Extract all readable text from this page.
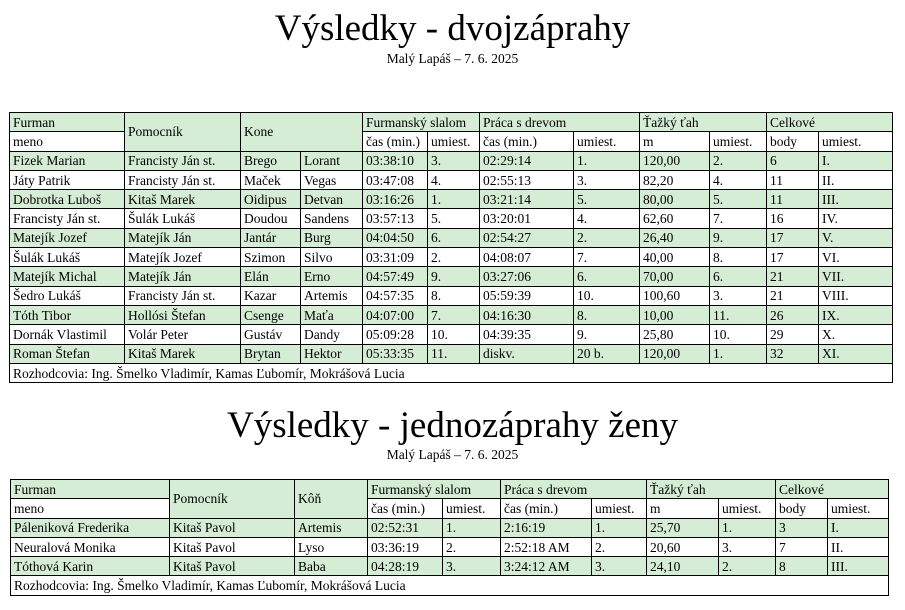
Výsledky - dvojzáprahy
Malý Lapáš – 7. 6. 2025
Furman	Pomocník	Kone		Furmanský slalom		Práca s drevom		Ťažký ťah		Celkové	
meno				čas (min.)	umiest.	čas (min.)	umiest.	m	umiest.	body	umiest.
Fizek Marian	Francisty Ján st.	Brego	Lorant	03:38:10	3.	02:29:14	1.	120,00	2.	6	I.
Játy Patrik	Francisty Ján st.	Maček	Vegas	03:47:08	4.	02:55:13	3.	82,20	4.	11	II.
Dobrotka Luboš	Kitaš Marek	Oidipus	Detvan	03:16:26	1.	03:21:14	5.	80,00	5.	11	III.
Francisty Ján st.	Šulák Lukáš	Doudou	Sandens	03:57:13	5.	03:20:01	4.	62,60	7.	16	IV.
Matejík Jozef	Matejík Ján	Jantár	Burg	04:04:50	6.	02:54:27	2.	26,40	9.	17	V.
Šulák Lukáš	Matejík Jozef	Szimon	Silvo	03:31:09	2.	04:08:07	7.	40,00	8.	17	VI.
Matejík Michal	Matejík Ján	Elán	Erno	04:57:49	9.	03:27:06	6.	70,00	6.	21	VII.
Šedro Lukáš	Francisty Ján st.	Kazar	Artemis	04:57:35	8.	05:59:39	10.	100,60	3.	21	VIII.
Tóth Tibor	Hollósi Štefan	Csenge	Maťa	04:07:00	7.	04:16:30	8.	10,00	11.	26	IX.
Dornák Vlastimil	Volár Peter	Gustáv	Dandy	05:09:28	10.	04:39:35	9.	25,80	10.	29	X.
Roman Štefan	Kitaš Marek	Brytan	Hektor	05:33:35	11.	diskv.	20 b.	120,00	1.	32	XI.
Rozhodcovia: Ing. Šmelko Vladimír, Kamas Ľubomír, Mokrášová Lucia											
Výsledky - jednozáprahy ženy
Malý Lapáš – 7. 6. 2025
Furman	Pomocník	Kôň	Furmanský slalom		Práca s drevom		Ťažký ťah		Celkové	
meno			čas (min.)	umiest.	čas (min.)	umiest.	m	umiest.	body	umiest.
Páleniková Frederika	Kitaš Pavol	Artemis	02:52:31	1.	2:16:19	1.	25,70	1.	3	I.
Neuralová Monika	Kitaš Pavol	Lyso	03:36:19	2.	2:52:18 AM	2.	20,60	3.	7	II.
Tóthová Karin	Kitaš Pavol	Baba	04:28:19	3.	3:24:12 AM	3.	24,10	2.	8	III.
Rozhodcovia: Ing. Šmelko Vladimír, Kamas Ľubomír, Mokrášová Lucia										
